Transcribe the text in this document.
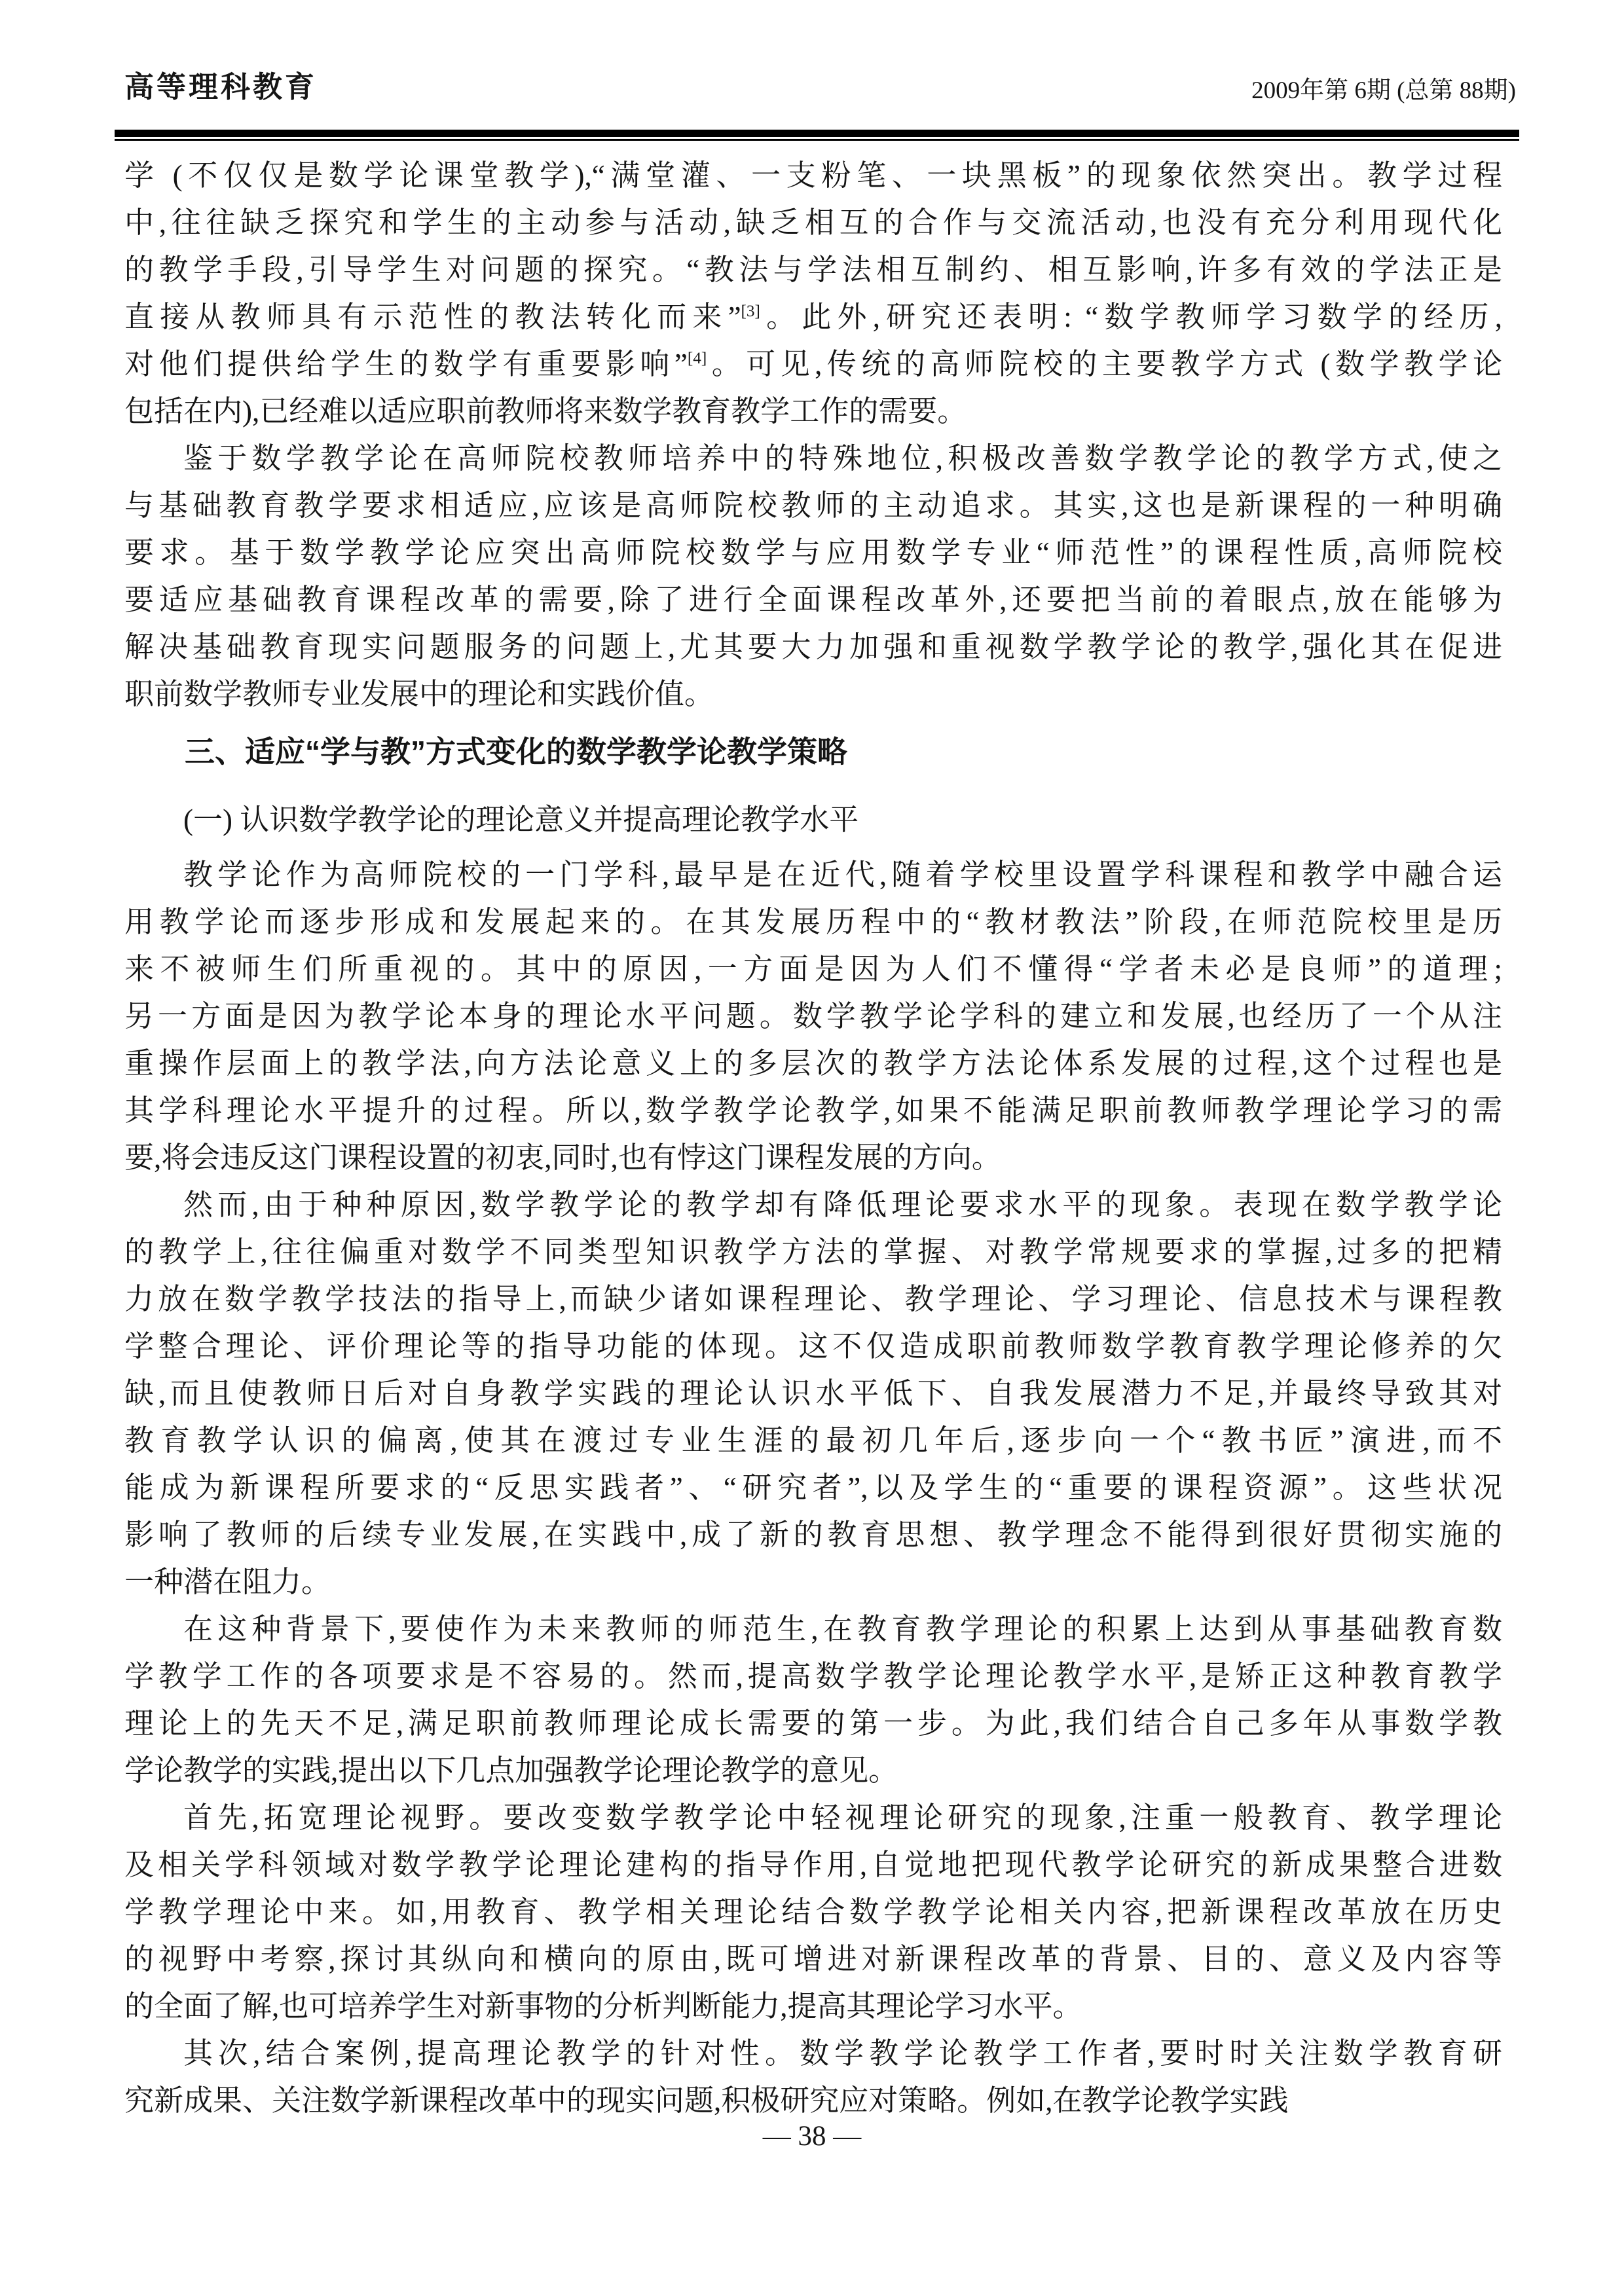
高等理科教育	2009年第 6期 (总第 88期)
学 (不仅仅是数学论课堂教学),“满堂灌、一支粉笔、一块黑板”的现象依然突出。教学过程
中,往往缺乏探究和学生的主动参与活动,缺乏相互的合作与交流活动,也没有充分利用现代化
的教学手段,引导学生对问题的探究。“教法与学法相互制约、相互影响,许多有效的学法正是
直接从教师具有示范性的教法转化而来”[3]。此外,研究还表明: “数学教师学习数学的经历,
对他们提供给学生的数学有重要影响”[4]。可见,传统的高师院校的主要教学方式 (数学教学论
包括在内),已经难以适应职前教师将来数学教育教学工作的需要。
鉴于数学教学论在高师院校教师培养中的特殊地位,积极改善数学教学论的教学方式,使之
与基础教育教学要求相适应,应该是高师院校教师的主动追求。其实,这也是新课程的一种明确
要求。基于数学教学论应突出高师院校数学与应用数学专业“师范性”的课程性质,高师院校
要适应基础教育课程改革的需要,除了进行全面课程改革外,还要把当前的着眼点,放在能够为
解决基础教育现实问题服务的问题上,尤其要大力加强和重视数学教学论的教学,强化其在促进
职前数学教师专业发展中的理论和实践价值。
三、适应“学与教”方式变化的数学教学论教学策略
(一) 认识数学教学论的理论意义并提高理论教学水平
教学论作为高师院校的一门学科,最早是在近代,随着学校里设置学科课程和教学中融合运
用教学论而逐步形成和发展起来的。在其发展历程中的“教材教法”阶段,在师范院校里是历
来不被师生们所重视的。其中的原因,一方面是因为人们不懂得“学者未必是良师”的道理;
另一方面是因为教学论本身的理论水平问题。数学教学论学科的建立和发展,也经历了一个从注
重操作层面上的教学法,向方法论意义上的多层次的教学方法论体系发展的过程,这个过程也是
其学科理论水平提升的过程。所以,数学教学论教学,如果不能满足职前教师教学理论学习的需
要,将会违反这门课程设置的初衷,同时,也有悖这门课程发展的方向。
然而,由于种种原因,数学教学论的教学却有降低理论要求水平的现象。表现在数学教学论
的教学上,往往偏重对数学不同类型知识教学方法的掌握、对教学常规要求的掌握,过多的把精
力放在数学教学技法的指导上,而缺少诸如课程理论、教学理论、学习理论、信息技术与课程教
学整合理论、评价理论等的指导功能的体现。这不仅造成职前教师数学教育教学理论修养的欠
缺,而且使教师日后对自身教学实践的理论认识水平低下、自我发展潜力不足,并最终导致其对
教育教学认识的偏离,使其在渡过专业生涯的最初几年后,逐步向一个“教书匠”演进,而不
能成为新课程所要求的“反思实践者”、“研究者”,以及学生的“重要的课程资源”。这些状况
影响了教师的后续专业发展,在实践中,成了新的教育思想、教学理念不能得到很好贯彻实施的
一种潜在阻力。
在这种背景下,要使作为未来教师的师范生,在教育教学理论的积累上达到从事基础教育数
学教学工作的各项要求是不容易的。然而,提高数学教学论理论教学水平,是矫正这种教育教学
理论上的先天不足,满足职前教师理论成长需要的第一步。为此,我们结合自己多年从事数学教
学论教学的实践,提出以下几点加强教学论理论教学的意见。
首先,拓宽理论视野。要改变数学教学论中轻视理论研究的现象,注重一般教育、教学理论
及相关学科领域对数学教学论理论建构的指导作用,自觉地把现代教学论研究的新成果整合进数
学教学理论中来。如,用教育、教学相关理论结合数学教学论相关内容,把新课程改革放在历史
的视野中考察,探讨其纵向和横向的原由,既可增进对新课程改革的背景、目的、意义及内容等
的全面了解,也可培养学生对新事物的分析判断能力,提高其理论学习水平。
其次,结合案例,提高理论教学的针对性。数学教学论教学工作者,要时时关注数学教育研
究新成果、关注数学新课程改革中的现实问题,积极研究应对策略。例如,在教学论教学实践
— 38 —
